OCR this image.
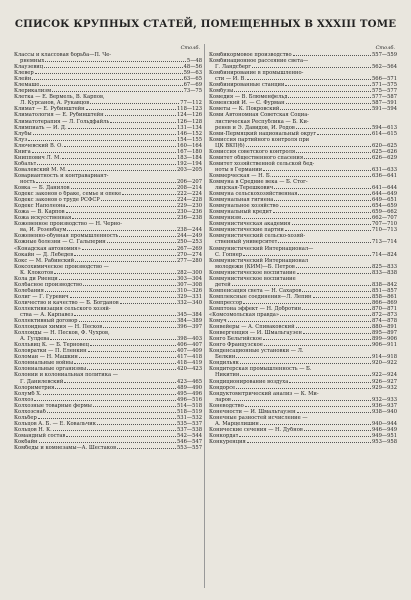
СПИСОК КРУПНЫХ СТАТЕЙ, ПОМЕЩЕННЫХ В XXXIII ТОМЕ
Столб.
Классы и классовая борьба—П. Че-
рнемных	5—48
Клаузевиц	48—56
Клевер	59—63
Клейн	63—65
Клемашо	67—69
Клерикализм	73—75
Клетка — Е. Вермель, В. Карпов,
Л. Курсанов, А. Рукавцов	77—112
Климат — Е. Рубинштейн	118—123
Климатология — Е. Рубинштейн	124—126
Климатотерапия — Л. Гольдфайль	126—128
Климпиать — И. Д.	131—134
Клубы	146—152
Клуз	154—155
Ключевский В. О.	160—164
Книга	167—180
Книппович Л. М.	183—184
Кобальт	192—194
Ковалевский М. М.	203—205
Ковариантность и контравариант-
ность	206—207
Ковка — Б. Данилов	208—214
Кодекс законов о браке, семье и опеке	222—224
Кодекс законов о труде РСФСР	224—228
Кодекс Наполеона	229—230
Кожа — В. Карпов	230—236
Кожа искусственная	236—238
Кожевенное производство — Н. Черно-
ва, И. Розенбаум	238—244
Кожевенно-обувная промышленность	244—249
Кожные болезни — С. Гальперин	250—253
«Конадская автономия»	267—269
Кокайн — Д. Лебедев	270—274
Кокс — М. Рабинский	277—280
Коксохимическое производство —
К. Клокотов	282—300
Кола ди Риенци	303—304
Колбасное производство	307—308
Колебания	310—326
Колиг — Г. Гуревич	329—331
Количество и качество — Б. Богданов	332—340
Коллективизация сельского хозяй-
ства — А. Карпавез	345—384
Коллективный договор	384—389
Коллоидная химия — Н. Песков	396—397
Коллоиды — Н. Песков, Ф. Чухров,
А. Гулдева	398—403
Колльвиц К. — Б. Терновец	406—407
Коловратки — П. Еленкин	407—409
Коломан — Н. Машкин	417—418
Колониальные войны	418—419
Колониальные организмы	420—423
Колонии и колониальная политика —
Г. Данилевский	423—465
Колориметрия	489—490
Колумб Х.	495—496
Колхоз	496—516
Колхозные товарные фермы	514—518
Колхозснаб	518—519
Кольбер	531—532
Кольцов А. Б. — Е. Ковальчик	535—537
Кольцов Н. К.	537—538
Командный состав	542—544
Кокбайн	546—547
Комбеды и комнезамы—А. Шестаков	553—557
Столб.
Комбикормовое производство	557—559
Комбинационное рассеяние света—
Г. Ландсберг	562—564
Комбинирование в промышленно-
сти — И. В.	566—571
Комбинированные станции	571—575
Комбузы	575—577
Комедия — В. Блюменфельд	577—587
Коменский И. — С. Фурман	587—591
Кометы — К. Покровский	591—594
Коми Автономная Советская Социа-
листическая Республика — Б. Ки-
ренев и Э. Давидов, И. Родов	594—613
Коми-Пермяцкий национальный округ	614—615
Комиссия партийного контроля при
ЦК ВКП(б)	620—625
Комиссия советского контроля	625—626
Комитет общественного спасения	626—629
Комитет хозяйственной сельской бед-
ноты в Германии	631—633
Коммерческая — Н. Б.	636—641
Коммуна в Средние века — Б. Стог-
лицская-Терешкович	641—644
Коммуна сельскохозяйственная	644—649
Коммунальная гигиена	649—651
Коммунальное хозяйство	654—659
Коммунальный кредит	659—662
Коммунизм	662—707
Коммунистическая академия	707—710
Коммунистические партии	710—713
Коммунистический сельско-хозяй-
ственный университет	713—714
Коммунистический Интернационал—
С. Гопнер	714—824
Коммунистический Интернационал
молодежи (КИМ)—Б. Петров	825—833
Коммунистическое воспитание	833—838
Коммунистическое воспитание
детей	838—842
Компенсация света — Н. Сахаров	851—857
Комплексные соединения—Л. Лепин	858—861
Компрессор	866—869
Комптона эффект — Н. Добротин	870—871
«Комсомольская правда»	872—873
Комуч	874—878
Конвейеры — А. Спиваковский	880—891
Конвергенция — И. Шмальгаузен	895—897
Конго Бельгийское	899—906
Конго Французское	906—911
Конденсационные установки — Л.
Белкин	914—918
Кондильяк	920—922
Кондитерская промышленность — Б.
Никитин	922—924
Кондиционирование воздуха	926—927
Кондорсе	929—932
Кондуктометрический анализ — К. Ми-
ларов	932—933
Коневодство	936—937
Конечности — И. Шмальгаузен	938—940
Конечные разностей исчисление —
А. Марцелишин	940—944
Конические сечения — Н. Дубнов	946—949
Конкордат	949—951
Конкуренция	953—958
